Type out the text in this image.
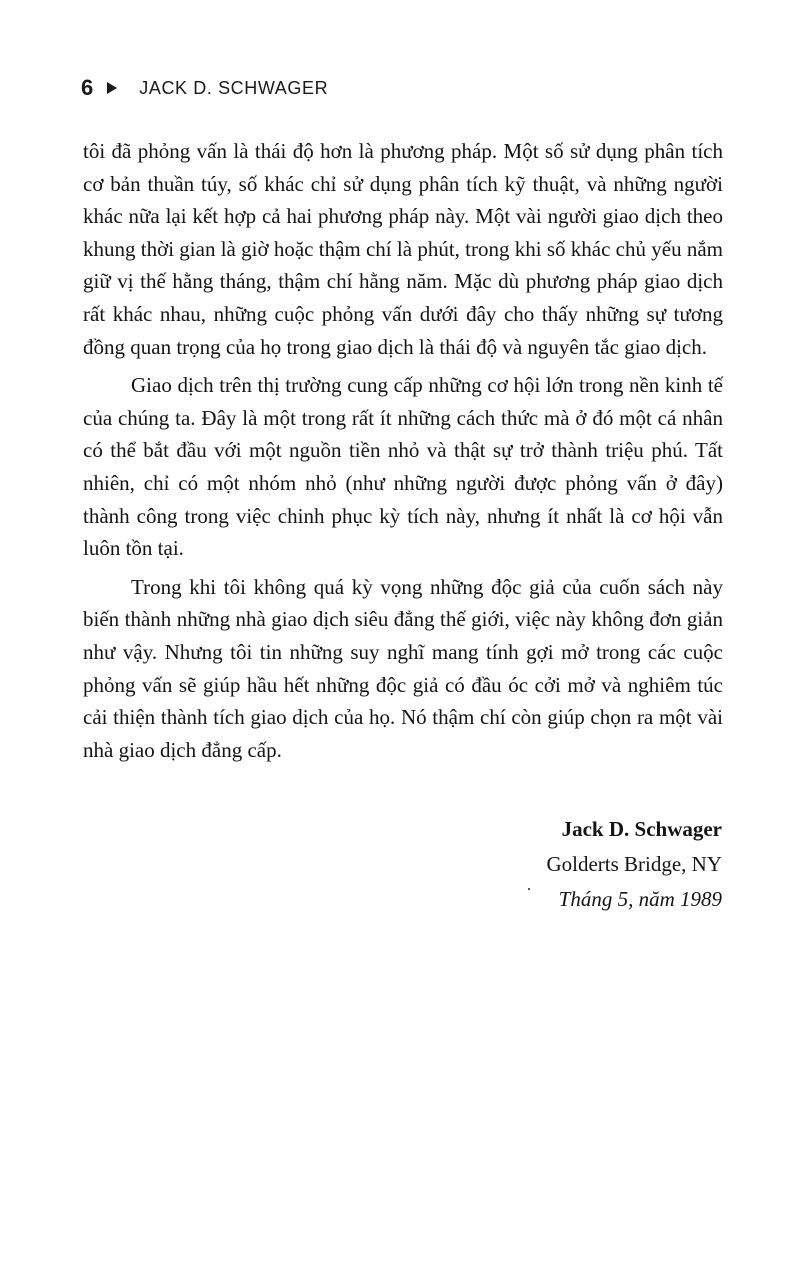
6	JACK D. SCHWAGER

tôi đã phỏng vấn là thái độ hơn là phương pháp. Một số sử dụng phân tích cơ bản thuần túy, số khác chỉ sử dụng phân tích kỹ thuật, và những người khác nữa lại kết hợp cả hai phương pháp này. Một vài người giao dịch theo khung thời gian là giờ hoặc thậm chí là phút, trong khi số khác chủ yếu nắm giữ vị thế hằng tháng, thậm chí hằng năm. Mặc dù phương pháp giao dịch rất khác nhau, những cuộc phỏng vấn dưới đây cho thấy những sự tương đồng quan trọng của họ trong giao dịch là thái độ và nguyên tắc giao dịch.

Giao dịch trên thị trường cung cấp những cơ hội lớn trong nền kinh tế của chúng ta. Đây là một trong rất ít những cách thức mà ở đó một cá nhân có thể bắt đầu với một nguồn tiền nhỏ và thật sự trở thành triệu phú. Tất nhiên, chỉ có một nhóm nhỏ (như những người được phỏng vấn ở đây) thành công trong việc chinh phục kỳ tích này, nhưng ít nhất là cơ hội vẫn luôn tồn tại.

Trong khi tôi không quá kỳ vọng những độc giả của cuốn sách này biến thành những nhà giao dịch siêu đẳng thế giới, việc này không đơn giản như vậy. Nhưng tôi tin những suy nghĩ mang tính gợi mở trong các cuộc phỏng vấn sẽ giúp hầu hết những độc giả có đầu óc cởi mở và nghiêm túc cải thiện thành tích giao dịch của họ. Nó thậm chí còn giúp chọn ra một vài nhà giao dịch đẳng cấp.

Jack D. Schwager
Golderts Bridge, NY
Tháng 5, năm 1989
